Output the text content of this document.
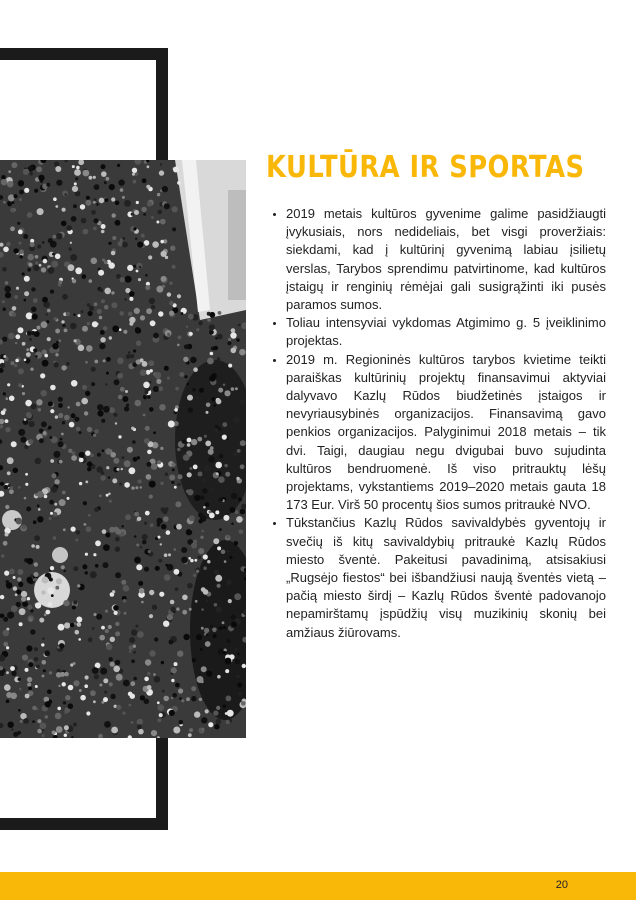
KULTŪRA IR SPORTAS
• 2019 metais kultūros gyvenime galime pasidžiaugti įvykusiais, nors nedideliais, bet visgi proveržiais: siekdami, kad į kultūrinį gyvenimą labiau įsilietų verslas, Tarybos sprendimu patvirtinome, kad kultūros įstaigų ir renginių rėmėjai gali susigrąžinti iki pusės paramos sumos.
• Toliau intensyviai vykdomas Atgimimo g. 5 įveiklinimo projektas.
• 2019 m. Regioninės kultūros tarybos kvietime teikti paraiškas kultūrinių projektų finansavimui aktyviai dalyvavo Kazlų Rūdos biudžetinės įstaigos ir nevyriausybinės organizacijos. Finansavimą gavo penkios organizacijos. Palyginimui 2018 metais – tik dvi. Taigi, daugiau negu dvigubai buvo sujudinta kultūros bendruomenė. Iš viso pritrauktų lėšų projektams, vykstantiems 2019–2020 metais gauta 18 173 Eur. Virš 50 procentų šios sumos pritraukė NVO.
• Tūkstančius Kazlų Rūdos savivaldybės gyventojų ir svečių iš kitų savivaldybių pritraukė Kazlų Rūdos miesto šventė. Pakeitusi pavadinimą, atsisakiusi „Rugsėjo fiestos“ bei išbandžiusi naują šventės vietą – pačią miesto širdį – Kazlų Rūdos šventė padovanojo nepamirštamų įspūdžių visų muzikinių skonių bei amžiaus žiūrovams.
20
